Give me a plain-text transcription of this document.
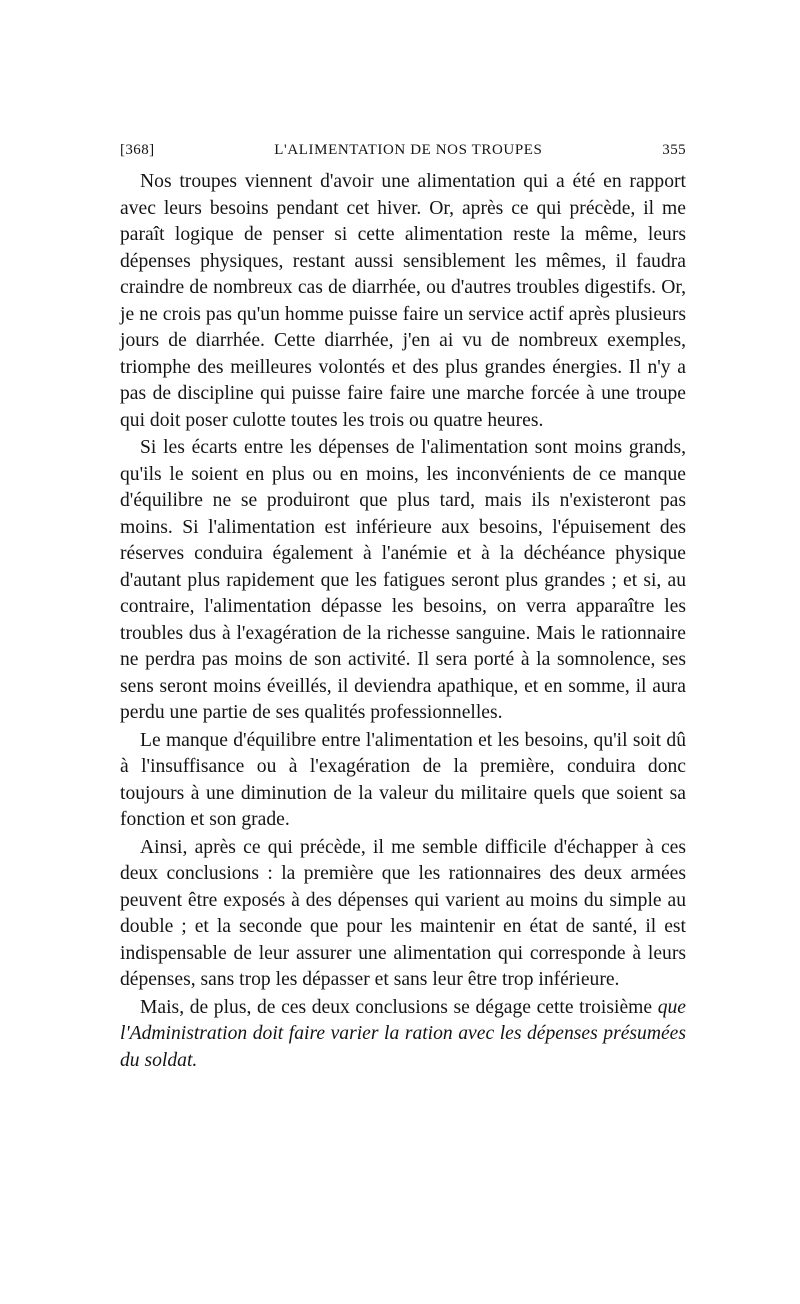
[368]	L'ALIMENTATION DE NOS TROUPES	355

Nos troupes viennent d'avoir une alimentation qui a été en rapport avec leurs besoins pendant cet hiver. Or, après ce qui précède, il me paraît logique de penser si cette alimentation reste la même, leurs dépenses physiques, restant aussi sensiblement les mêmes, il faudra craindre de nombreux cas de diarrhée, ou d'autres troubles digestifs. Or, je ne crois pas qu'un homme puisse faire un service actif après plusieurs jours de diarrhée. Cette diarrhée, j'en ai vu de nombreux exemples, triomphe des meilleures volontés et des plus grandes énergies. Il n'y a pas de discipline qui puisse faire faire une marche forcée à une troupe qui doit poser culotte toutes les trois ou quatre heures.

Si les écarts entre les dépenses de l'alimentation sont moins grands, qu'ils le soient en plus ou en moins, les inconvénients de ce manque d'équilibre ne se produiront que plus tard, mais ils n'existeront pas moins. Si l'alimentation est inférieure aux besoins, l'épuisement des réserves conduira également à l'anémie et à la déchéance physique d'autant plus rapidement que les fatigues seront plus grandes ; et si, au contraire, l'alimentation dépasse les besoins, on verra apparaître les troubles dus à l'exagération de la richesse sanguine. Mais le rationnaire ne perdra pas moins de son activité. Il sera porté à la somnolence, ses sens seront moins éveillés, il deviendra apathique, et en somme, il aura perdu une partie de ses qualités professionnelles.

Le manque d'équilibre entre l'alimentation et les besoins, qu'il soit dû à l'insuffisance ou à l'exagération de la première, conduira donc toujours à une diminution de la valeur du militaire quels que soient sa fonction et son grade.

Ainsi, après ce qui précède, il me semble difficile d'échapper à ces deux conclusions : la première que les rationnaires des deux armées peuvent être exposés à des dépenses qui varient au moins du simple au double ; et la seconde que pour les maintenir en état de santé, il est indispensable de leur assurer une alimentation qui corresponde à leurs dépenses, sans trop les dépasser et sans leur être trop inférieure.

Mais, de plus, de ces deux conclusions se dégage cette troisième que l'Administration doit faire varier la ration avec les dépenses présumées du soldat.
